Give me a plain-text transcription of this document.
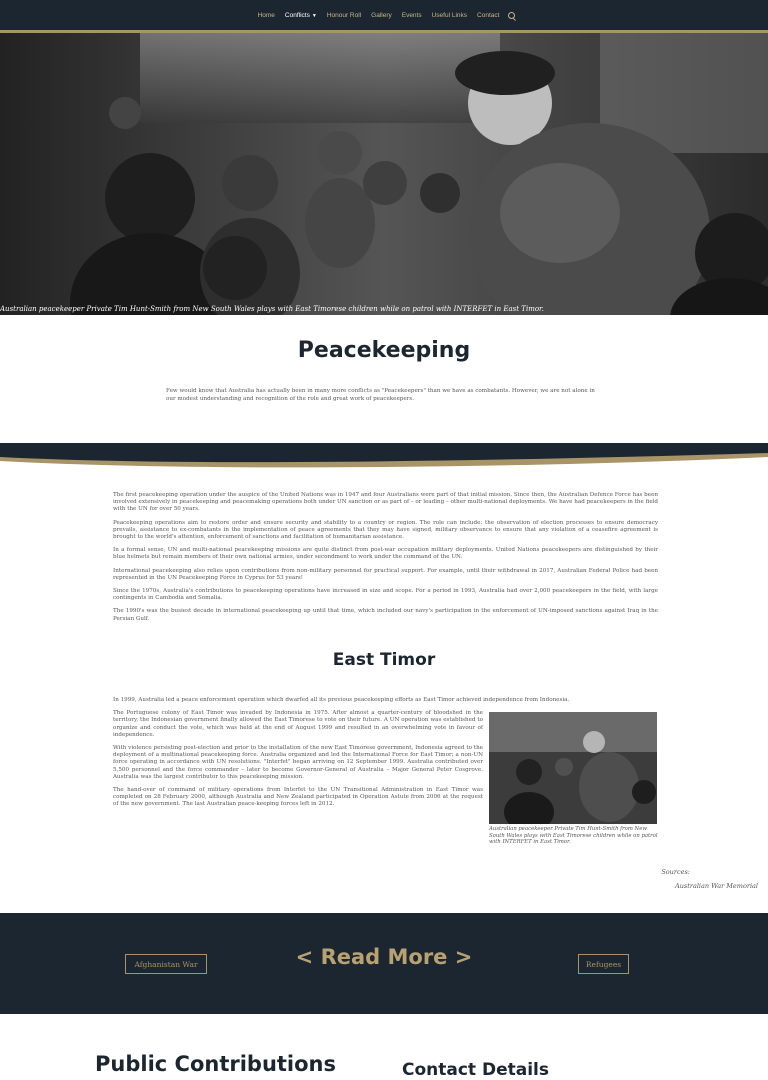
Home	Conflicts ▼	Honour Roll	Gallery	Events	Useful Links	Contact
Australian peacekeeper Private Tim Hunt-Smith from New South Wales plays with East Timorese children while on patrol with INTERFET in East Timor.
Peacekeeping

Few would know that Australia has actually been in many more conflicts as "Peacekeepers" than we have as combatants. However, we are not alone in our modest understanding and recognition of the role and great work of peacekeepers.

The first peacekeeping operation under the auspice of the United Nations was in 1947 and four Australians were part of that initial mission. Since then, the Australian Defence Force has been involved extensively in peacekeeping and peacemaking operations both under UN sanction or as part of – or leading – other multi-national deployments. We have had peacekeepers in the field with the UN for over 50 years.

Peacekeeping operations aim to restore order and ensure security and stability to a country or region. The role can include: the observation of election processes to ensure democracy prevails, assistance to ex-combatants in the implementation of peace agreements that they may have signed, military observance to ensure that any violation of a ceasefire agreement is brought to the world's attention, enforcement of sanctions and facilitation of humanitarian assistance.

In a formal sense, UN and multi-national peacekeeping missions are quite distinct from post-war occupation military deployments. United Nations peacekeepers are distinguished by their blue helmets but remain members of their own national armies, under secondment to work under the command of the UN.

International peacekeeping also relies upon contributions from non-military personnel for practical support. For example, until their withdrawal in 2017, Australian Federal Police had been represented in the UN Peacekeeping Force in Cyprus for 53 years!

Since the 1970s, Australia's contributions to peacekeeping operations have increased in size and scope. For a period in 1993, Australia had over 2,000 peacekeepers in the field, with large contingents in Cambodia and Somalia.

The 1990's was the busiest decade in international peacekeeping up until that time, which included our navy's participation in the enforcement of UN-imposed sanctions against Iraq in the Persian Gulf.

East Timor

In 1999, Australia led a peace enforcement operation which dwarfed all its previous peacekeeping efforts as East Timor achieved independence from Indonesia.

The Portuguese colony of East Timor was invaded by Indonesia in 1975. After almost a quarter-century of bloodshed in the territory, the Indonesian government finally allowed the East Timorese to vote on their future. A UN operation was established to organize and conduct the vote, which was held at the end of August 1999 and resulted in an overwhelming vote in favour of independence.

With violence persisting post-election and prior to the installation of the new East Timorese government, Indonesia agreed to the deployment of a multinational peacekeeping force. Australia organized and led the International Force for East Timor; a non-UN force operating in accordance with UN resolutions. "Interfet" began arriving on 12 September 1999. Australia contributed over 5,500 personnel and the force commander – later to become Governor-General of Australia – Major General Peter Cosgrove. Australia was the largest contributor to this peacekeeping mission.

The hand-over of command of military operations from Interfet to the UN Transitional Administration in East Timor was completed on 28 February 2000, although Australia and New Zealand participated in Operation Astute from 2006 at the request of the new government. The last Australian peace-keeping forces left in 2012.

Australian peacekeeper Private Tim Hunt-Smith from New South Wales plays with East Timorese children while on patrol with INTERFET in East Timor.

Sources:
Australian War Memorial
Afghanistan War	< Read More >	Refugees
Public Contributions	Contact Details
